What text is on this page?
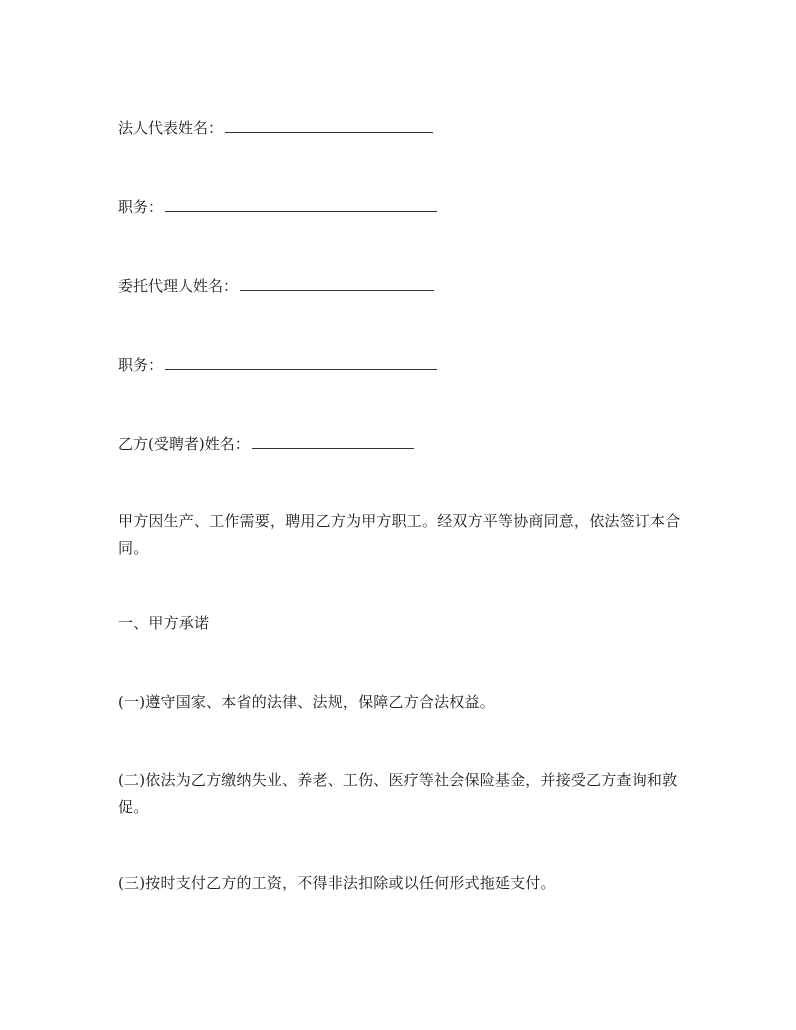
法人代表姓名：
职务：
委托代理人姓名：
职务：
乙方(受聘者)姓名：
甲方因生产、工作需要，聘用乙方为甲方职工。经双方平等协商同意，依法签订本合同。
一、甲方承诺
(一)遵守国家、本省的法律、法规，保障乙方合法权益。
(二)依法为乙方缴纳失业、养老、工伤、医疗等社会保险基金，并接受乙方查询和敦促。
(三)按时支付乙方的工资，不得非法扣除或以任何形式拖延支付。
